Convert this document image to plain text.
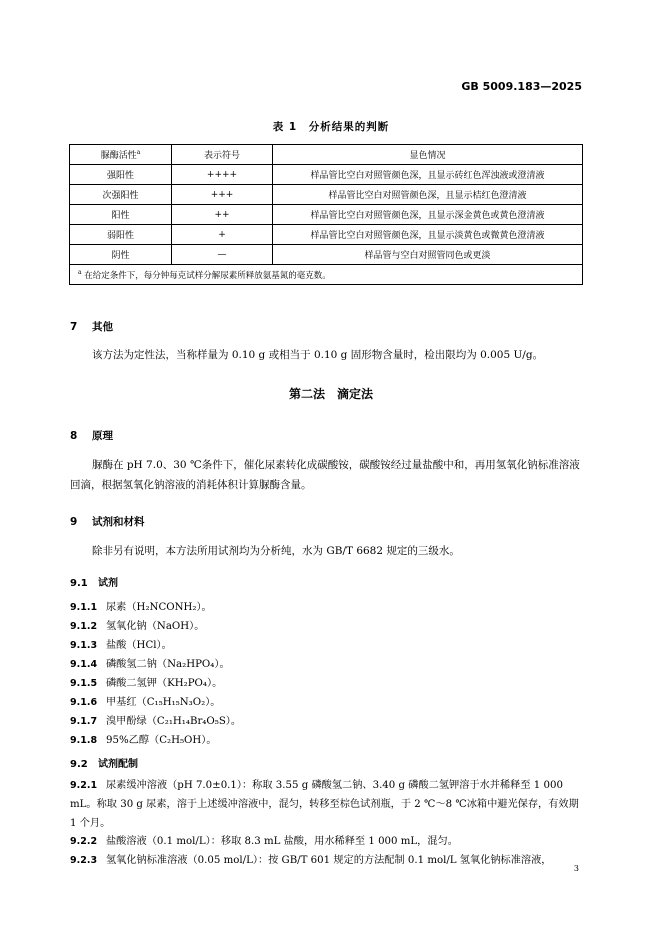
GB 5009.183—2025
表 1　分析结果的判断
脲酶活性$^a$	表示符号	显色情况
强阳性	++++	样品管比空白对照管颜色深，且显示砖红色浑浊液或澄清液
次强阳性	+++	样品管比空白对照管颜色深，且显示桔红色澄清液
阳性	++	样品管比空白对照管颜色深，且显示深金黄色或黄色澄清液
弱阳性	+	样品管比空白对照管颜色深，且显示淡黄色或微黄色澄清液
阴性	—	样品管与空白对照管同色或更淡
$^a$ 在给定条件下，每分钟每克试样分解尿素所释放氨基氮的毫克数。		
7 其他
该方法为定性法，当称样量为 0.10 g 或相当于 0.10 g 固形物含量时，检出限均为 0.005 U/g。
第二法　滴定法
8 原理
脲酶在 pH 7.0、30 ℃条件下，催化尿素转化成碳酸铵，碳酸铵经过量盐酸中和，再用氢氧化钠标准溶液回滴，根据氢氧化钠溶液的消耗体积计算脲酶含量。
9 试剂和材料
除非另有说明，本方法所用试剂均为分析纯，水为 GB/T 6682 规定的三级水。
9.1 试剂
9.1.1 尿素（H₂NCONH₂）。
9.1.2 氢氧化钠（NaOH）。
9.1.3 盐酸（HCl）。
9.1.4 磷酸氢二钠（Na₂HPO₄）。
9.1.5 磷酸二氢钾（KH₂PO₄）。
9.1.6 甲基红（C₁₅H₁₅N₃O₂）。
9.1.7 溴甲酚绿（C₂₁H₁₄Br₄O₅S）。
9.1.8 95%乙醇（C₂H₅OH）。
9.2 试剂配制
9.2.1 尿素缓冲溶液（pH 7.0±0.1）：称取 3.55 g 磷酸氢二钠、3.40 g 磷酸二氢钾溶于水并稀释至 1 000 mL。称取 30 g 尿素，溶于上述缓冲溶液中，混匀，转移至棕色试剂瓶，于 2 ℃～8 ℃冰箱中避光保存，有效期 1 个月。
9.2.2 盐酸溶液（0.1 mol/L）：移取 8.3 mL 盐酸，用水稀释至 1 000 mL，混匀。
9.2.3 氢氧化钠标准溶液（0.05 mol/L）：按 GB/T 601 规定的方法配制 0.1 mol/L 氢氧化钠标准溶液，
3
